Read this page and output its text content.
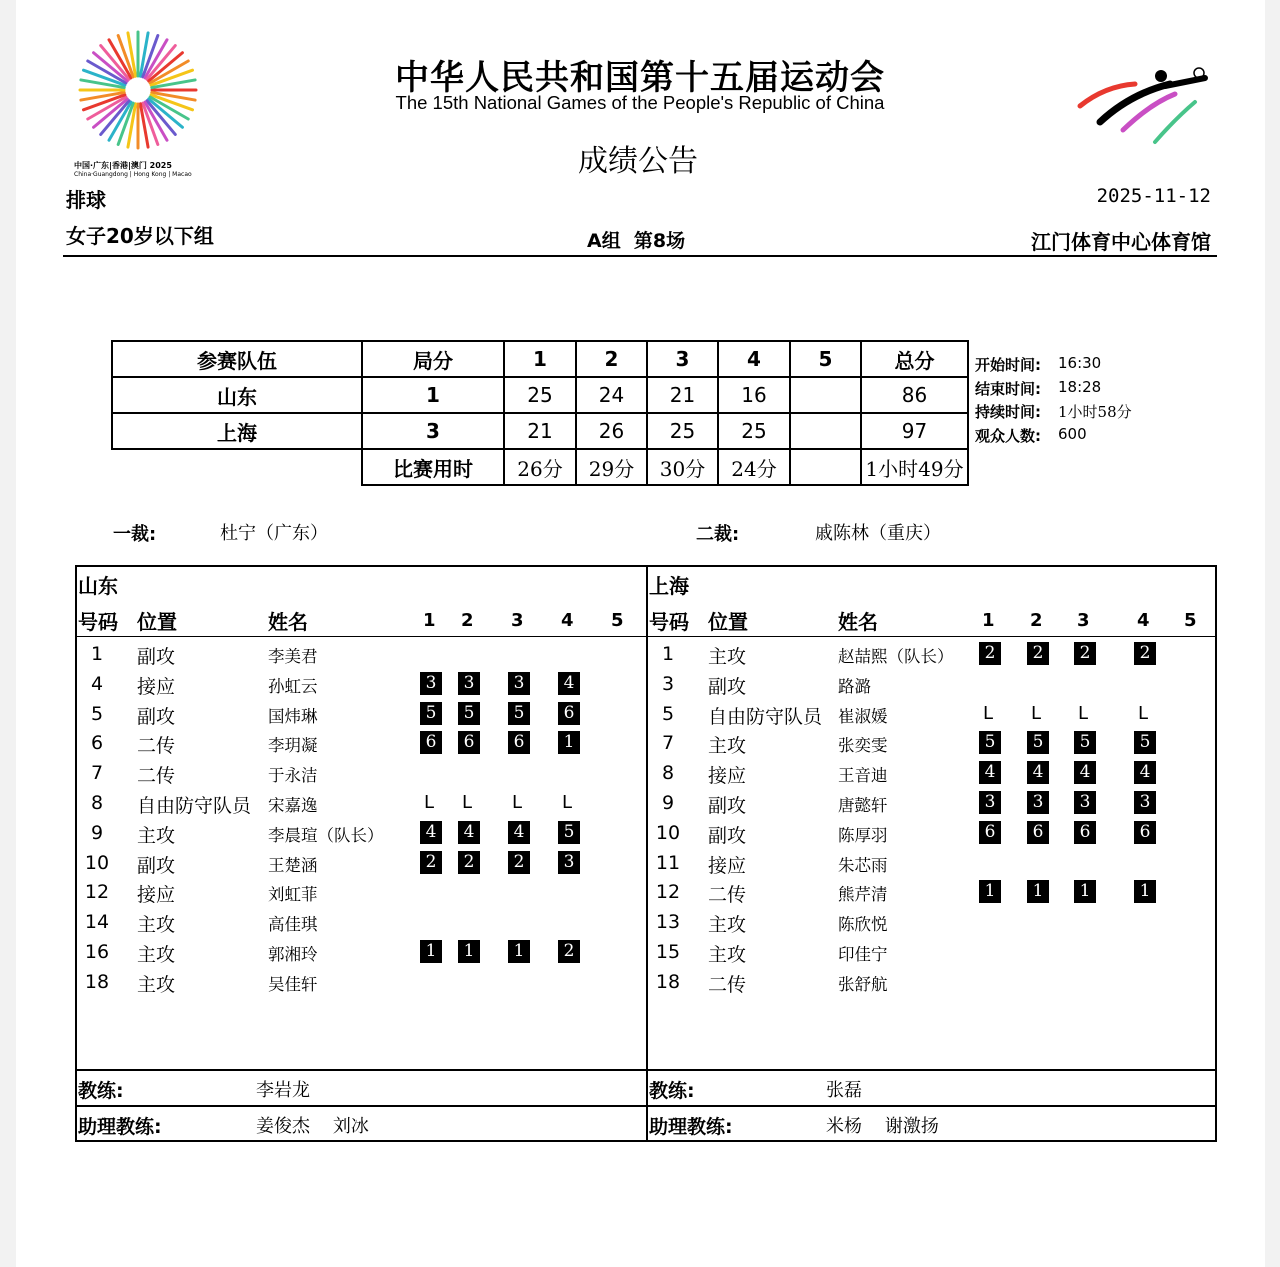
中国·广东|香港|澳门 2025
China·Guangdong | Hong Kong | Macao
中华人民共和国第十五届运动会
The 15th National Games of the People's Republic of China
成绩公告
排球	2025-11-12
女子20岁以下组	A组  第8场	江门体育中心体育馆
参赛队伍	局分	1	2	3	4	5	总分
山东	1	25	24	21	16		86
上海	3	21	26	25	25		97
	比赛用时	26分	29分	30分	24分		1小时49分
开始时间: 16:30
结束时间: 18:28
持续时间: 1小时58分
观众人数: 600
一裁:	杜宁（广东）	二裁:	戚陈林（重庆）
山东
号码 位置	姓名	1 2 3 4 5
1	副攻	李美君
4	接应	孙虹云	3	3	3	4
5	副攻	国炜琳	5	5	5	6
6	二传	李玥凝	6	6	6	1
7	二传	于永洁
8	自由防守队员 宋嘉逸	L L L L
9	主攻	李晨瑄（队长）	4	4	4	5
10	副攻	王楚涵	2	2	2	3
12	接应	刘虹菲
14	主攻	高佳琪
16	主攻	郭湘玲	1	1	1	2
18	主攻	吴佳轩
教练:	李岩龙
助理教练:	姜俊杰    刘冰
上海
号码 位置	姓名	1 2 3	4 5
1	主攻	赵喆熙（队长）	2	2	2	2
3	副攻	路潞
5	自由防守队员 崔淑媛	L L L	L
7	主攻	张奕雯	5	5	5	5
8	接应	王音迪	4	4	4	4
9	副攻	唐懿轩	3	3	3	3
10	副攻	陈厚羽	6	6	6	6
11	接应	朱芯雨
12	二传	熊芹清	1	1	1	1
13	主攻	陈欣悦
15	主攻	印佳宁
18	二传	张舒航
教练:	张磊
助理教练:	米杨    谢激扬
